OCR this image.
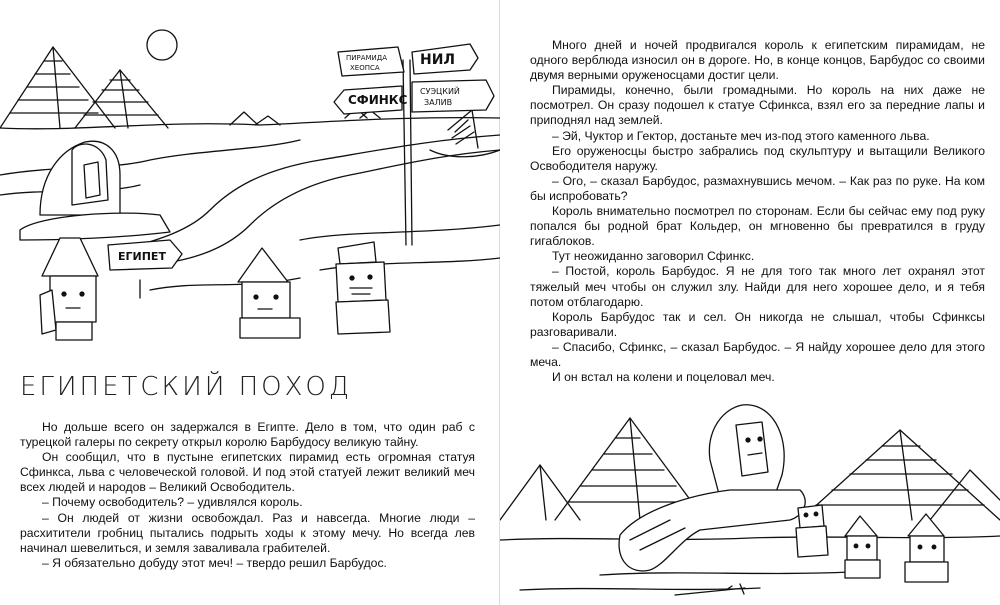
ПИРАМИДА
ХЕОПСА	НИЛ
СФИНКС
СУЭЦКИЙ
ЗАЛИВ
ЕГИПЕТ
ЕГИПЕТСКИЙ ПОХОД

Но дольше всего он задержался в Египте. Дело в том, что один раб с турецкой галеры по секрету открыл королю Барбудосу великую тайну.

Он сообщил, что в пустыне египетских пирамид есть огромная статуя Сфинкса, льва с человеческой головой. И под этой статуей лежит великий меч всех людей и народов – Великий Освободитель.

– Почему освободитель? – удивлялся король.

– Он людей от жизни освобождал. Раз и навсегда. Многие люди – расхитители гробниц пытались подрыть ходы к этому мечу. Но всегда лев начинал шевелиться, и земля заваливала грабителей.

– Я обязательно добуду этот меч! – твердо решил Барбудос.

Много дней и ночей продвигался король к египетским пирамидам, не одного верблюда износил он в дороге. Но, в конце концов, Барбудос со своими двумя верными оруженосцами достиг цели.

Пирамиды, конечно, были громадными. Но король на них даже не посмотрел. Он сразу подошел к статуе Сфинкса, взял его за передние лапы и приподнял над землей.

– Эй, Чуктор и Гектор, достаньте меч из-под этого каменного льва.

Его оруженосцы быстро забрались под скульптуру и вытащили Великого Освободителя наружу.

– Ого, – сказал Барбудос, размахнувшись мечом. – Как раз по руке. На ком бы испробовать?

Король внимательно посмотрел по сторонам. Если бы сейчас ему под руку попался бы родной брат Кольдер, он мгновенно бы превратился в груду гигаблоков.

Тут неожиданно заговорил Сфинкс.

– Постой, король Барбудос. Я не для того так много лет охранял этот тяжелый меч чтобы он служил злу. Найди для него хорошее дело, и я тебя потом отблагодарю.

Король Барбудос так и сел. Он никогда не слышал, чтобы Сфинксы разговаривали.

– Спасибо, Сфинкс, – сказал Барбудос. – Я найду хорошее дело для этого меча.

И он встал на колени и поцеловал меч.
